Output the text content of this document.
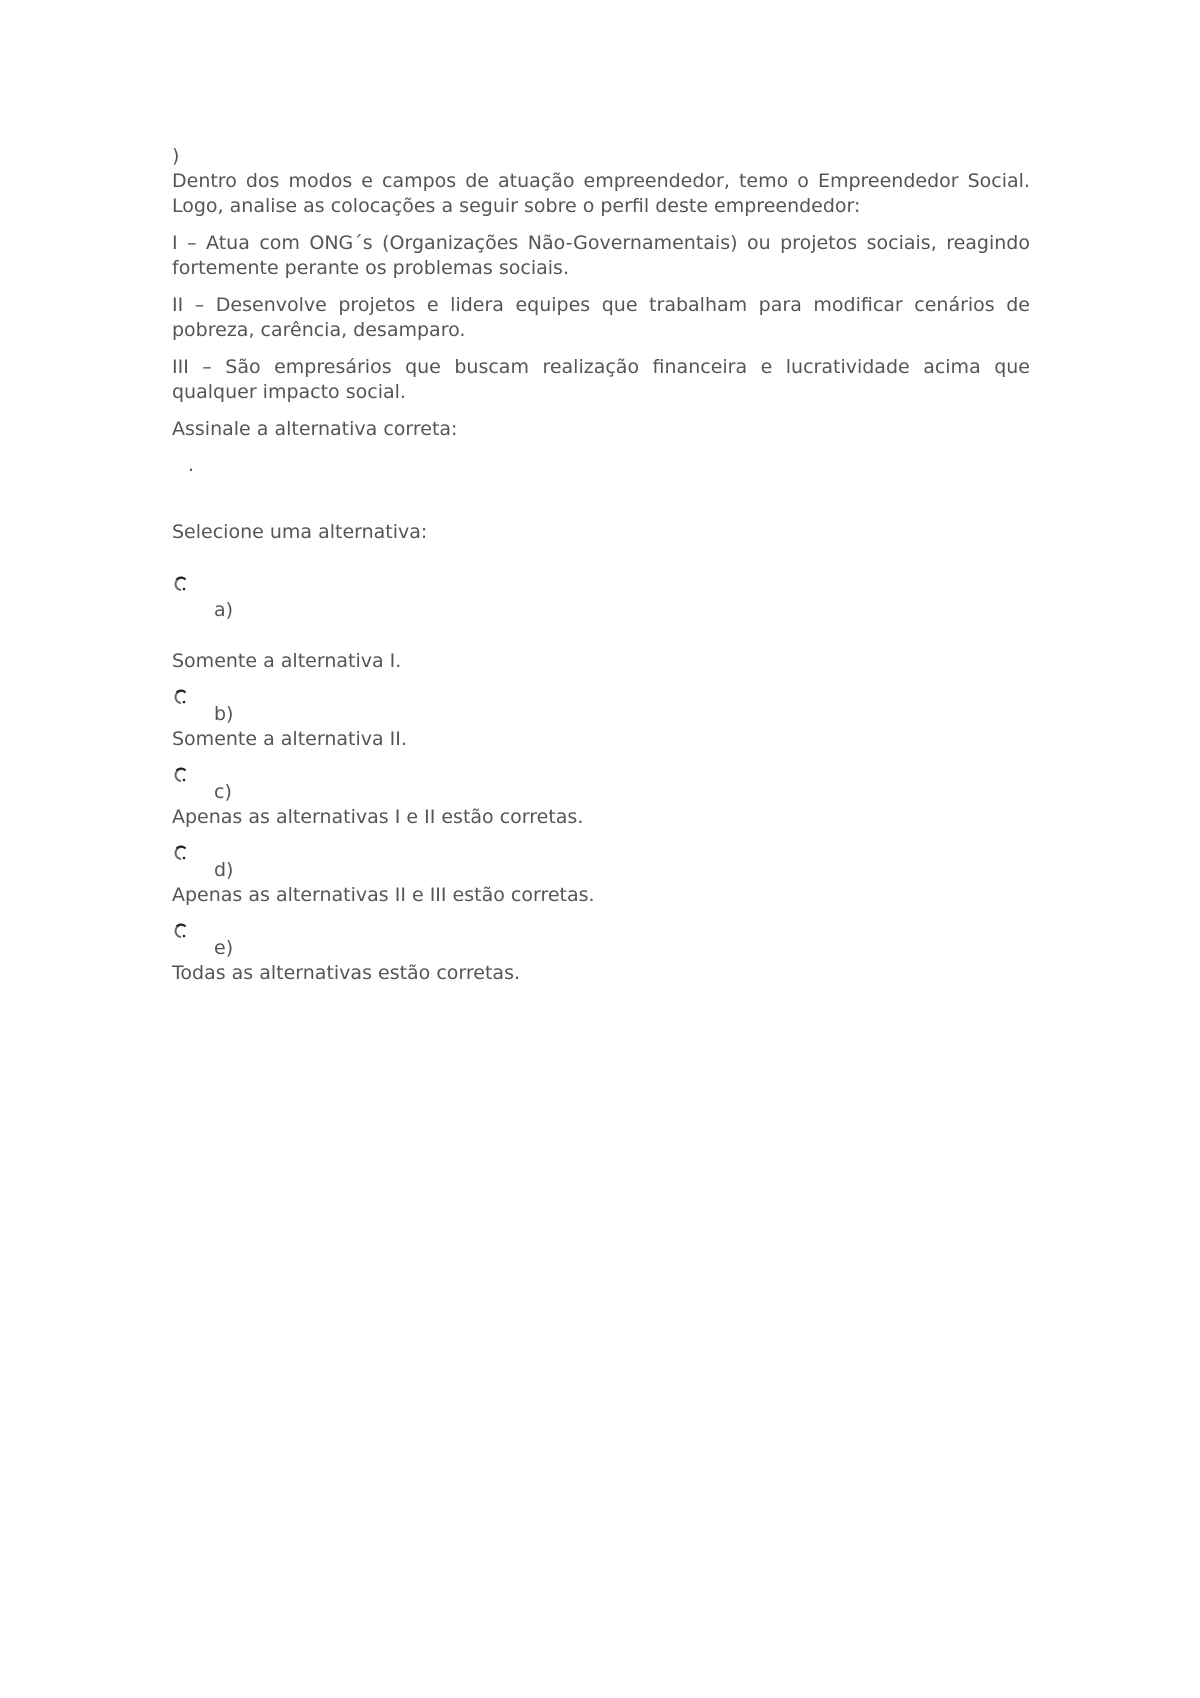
)

Dentro dos modos e campos de atuação empreendedor, temo o Empreendedor Social. Logo, analise as colocações a seguir sobre o perfil deste empreendedor:

I – Atua com ONG´s (Organizações Não-Governamentais) ou projetos sociais, reagindo fortemente perante os problemas sociais.

II – Desenvolve projetos e lidera equipes que trabalham para modificar cenários de pobreza, carência, desamparo.

III – São empresários que buscam realização financeira e lucratividade acima que qualquer impacto social.

Assinale a alternativa correta:

.
Selecione uma alternativa:
a)
Somente a alternativa I.
b)
Somente a alternativa II.
c)
Apenas as alternativas I e II estão corretas.
d)
Apenas as alternativas II e III estão corretas.
e)
Todas as alternativas estão corretas.
